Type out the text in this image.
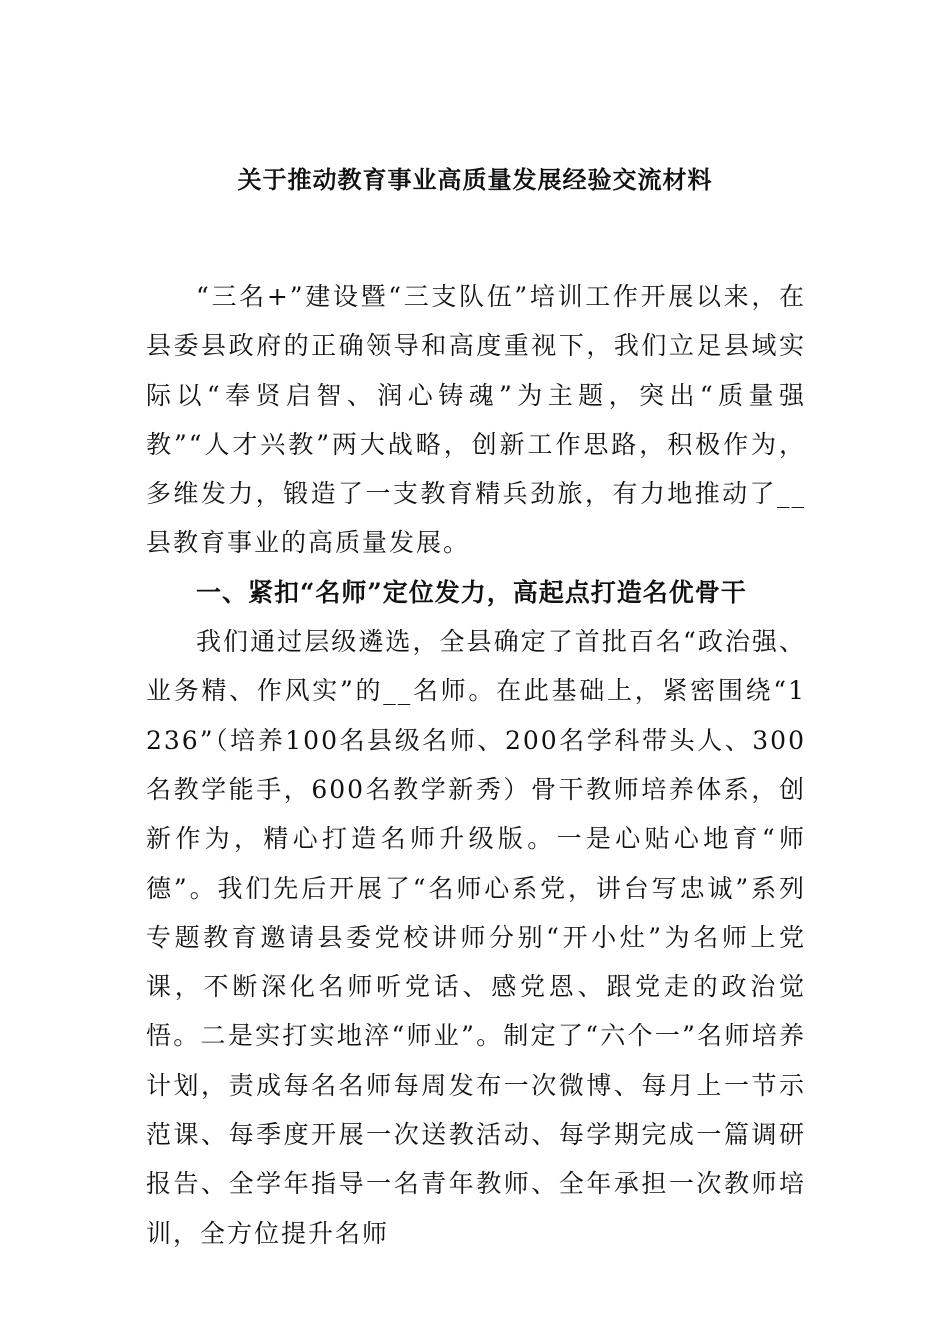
关于推动教育事业高质量发展经验交流材料

“三名+”建设暨“三支队伍”培训工作开展以来，在县委县政府的正确领导和高度重视下，我们立足县域实际以“奉贤启智、润心铸魂”为主题，突出“质量强教”“人才兴教”两大战略，创新工作思路，积极作为，多维发力，锻造了一支教育精兵劲旅，有力地推动了__县教育事业的高质量发展。

一、紧扣“名师”定位发力，高起点打造名优骨干

我们通过层级遴选，全县确定了首批百名“政治强、业务精、作风实”的__名师。在此基础上，紧密围绕“1236”（培养100名县级名师、200名学科带头人、300名教学能手，600名教学新秀）骨干教师培养体系，创新作为，精心打造名师升级版。一是心贴心地育“师德”。我们先后开展了“名师心系党，讲台写忠诚”系列专题教育邀请县委党校讲师分别“开小灶”为名师上党课，不断深化名师听党话、感党恩、跟党走的政治觉悟。二是实打实地淬“师业”。制定了“六个一”名师培养计划，责成每名名师每周发布一次微博、每月上一节示范课、每季度开展一次送教活动、每学期完成一篇调研报告、全学年指导一名青年教师、全年承担一次教师培训，全方位提升名师
